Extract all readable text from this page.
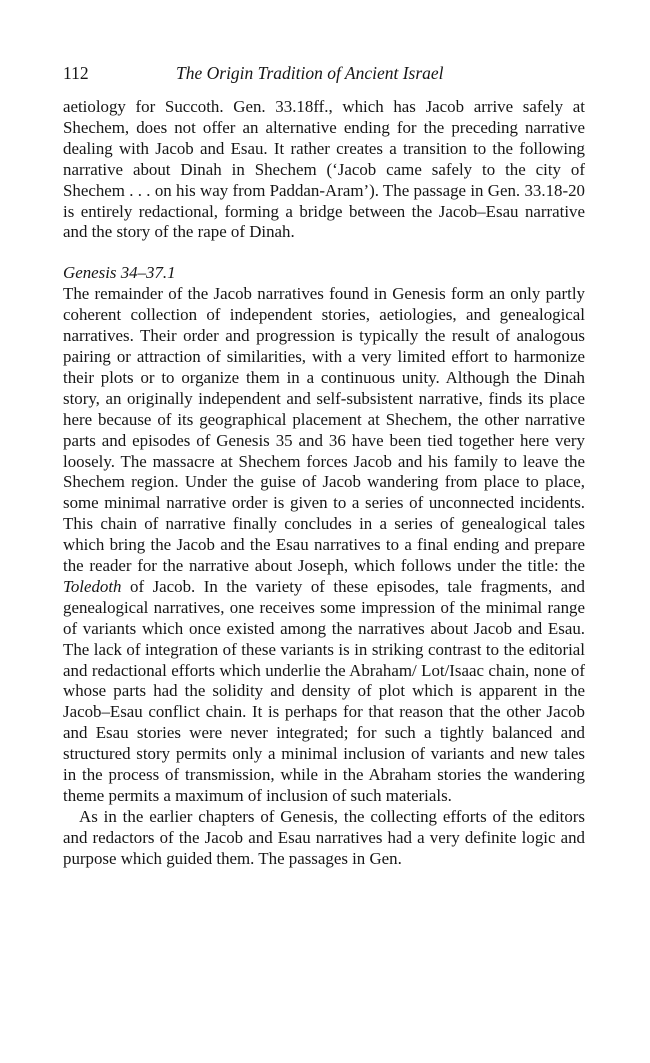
112	The Origin Tradition of Ancient Israel

aetiology for Succoth. Gen. 33.18ff., which has Jacob arrive safely at Shechem, does not offer an alternative ending for the preceding narrative dealing with Jacob and Esau. It rather creates a transition to the following narrative about Dinah in Shechem (‘Jacob came safely to the city of Shechem . . . on his way from Paddan-Aram’). The passage in Gen. 33.18-20 is entirely redactional, forming a bridge between the Jacob–Esau narrative and the story of the rape of Dinah.

Genesis 34–37.1

The remainder of the Jacob narratives found in Genesis form an only partly coherent collection of independent stories, aetiologies, and genealogical narratives. Their order and progression is typically the result of analogous pairing or attraction of similarities, with a very limited effort to harmonize their plots or to organize them in a continuous unity. Although the Dinah story, an originally independent and self-subsistent narrative, finds its place here because of its geographical placement at Shechem, the other narrative parts and episodes of Genesis 35 and 36 have been tied together here very loosely. The massacre at Shechem forces Jacob and his family to leave the Shechem region. Under the guise of Jacob wandering from place to place, some minimal narrative order is given to a series of unconnected incidents. This chain of narrative finally concludes in a series of genealogical tales which bring the Jacob and the Esau narratives to a final ending and prepare the reader for the narrative about Joseph, which follows under the title: the Toledoth of Jacob. In the variety of these episodes, tale fragments, and genealogical narratives, one receives some impression of the minimal range of variants which once existed among the narratives about Jacob and Esau. The lack of integration of these variants is in striking contrast to the editorial and redactional efforts which underlie the Abraham/ Lot/Isaac chain, none of whose parts had the solidity and density of plot which is apparent in the Jacob–Esau conflict chain. It is perhaps for that reason that the other Jacob and Esau stories were never integrated; for such a tightly balanced and structured story permits only a minimal inclusion of variants and new tales in the process of transmission, while in the Abraham stories the wandering theme permits a maximum of inclusion of such materials.

As in the earlier chapters of Genesis, the collecting efforts of the editors and redactors of the Jacob and Esau narratives had a very definite logic and purpose which guided them. The passages in Gen.
